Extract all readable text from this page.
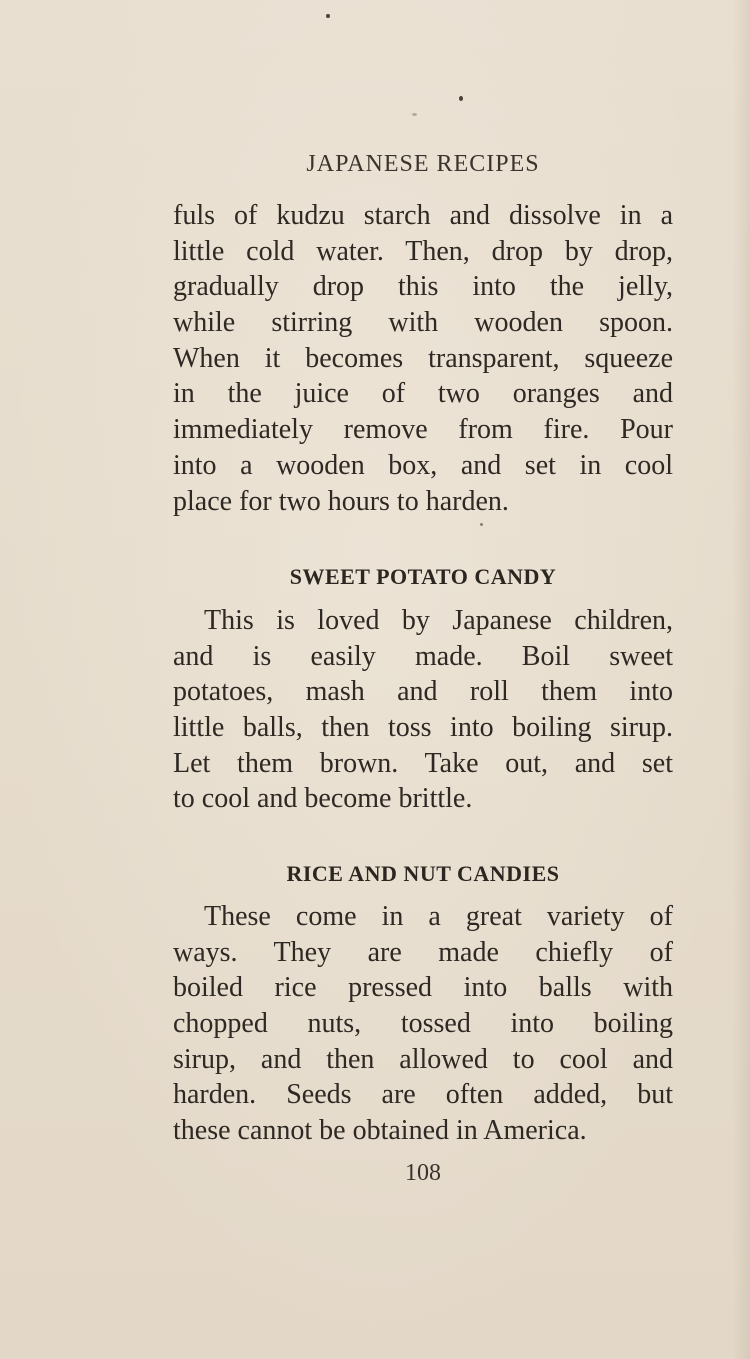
JAPANESE RECIPES
fuls of kudzu starch and dissolve in a
little cold water. Then, drop by drop,
gradually drop this into the jelly,
while stirring with wooden spoon.
When it becomes transparent, squeeze
in the juice of two oranges and
immediately remove from fire. Pour
into a wooden box, and set in cool
place for two hours to harden.
SWEET POTATO CANDY
This is loved by Japanese children,
and is easily made. Boil sweet
potatoes, mash and roll them into
little balls, then toss into boiling sirup.
Let them brown. Take out, and set
to cool and become brittle.
RICE AND NUT CANDIES
These come in a great variety of
ways. They are made chiefly of
boiled rice pressed into balls with
chopped nuts, tossed into boiling
sirup, and then allowed to cool and
harden. Seeds are often added, but
these cannot be obtained in America.
108
